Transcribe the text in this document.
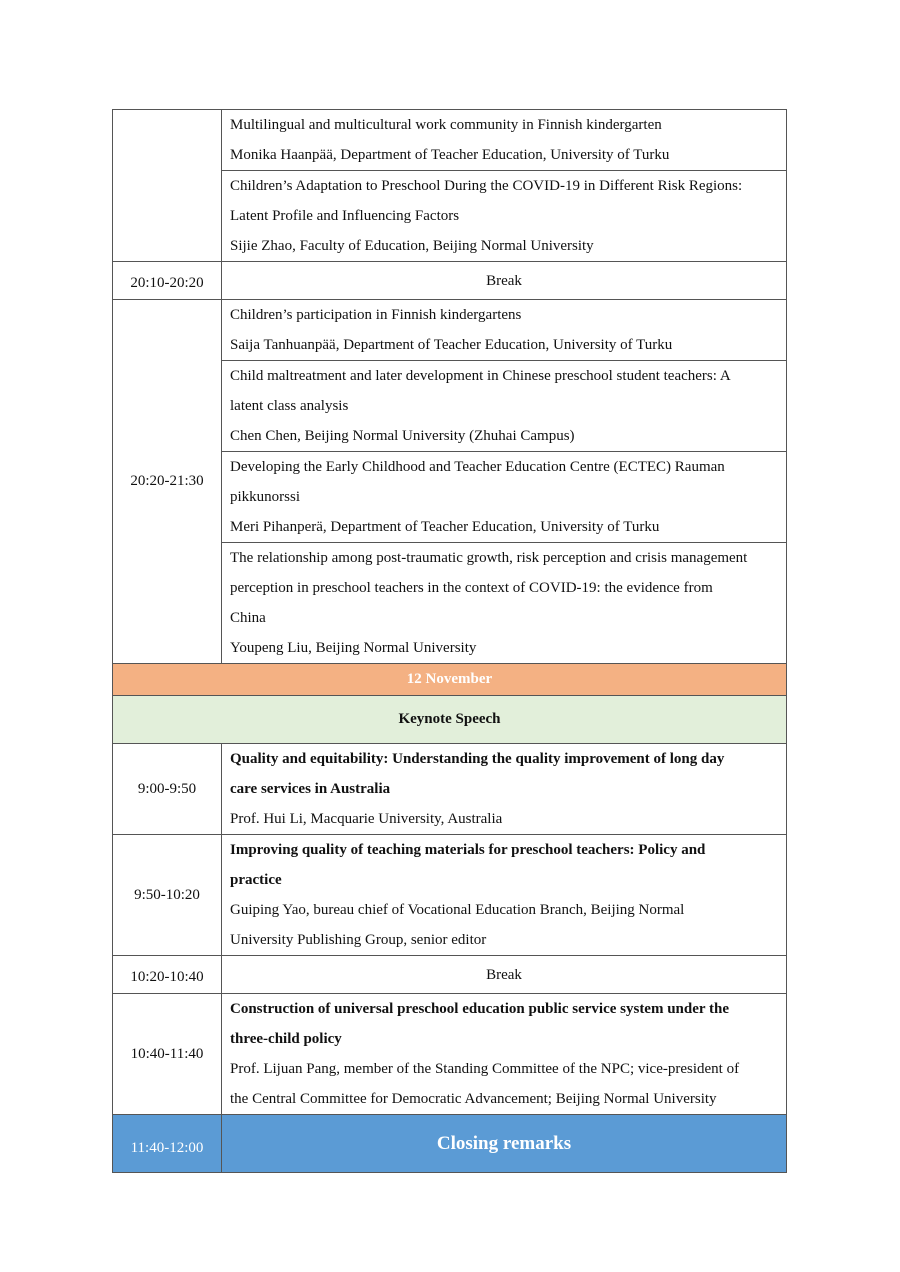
	Multilingual and multicultural work community in Finnish kindergarten
Monika Haanpää, Department of Teacher Education, University of Turku

	Children’s Adaptation to Preschool During the COVID-19 in Different Risk Regions:
Latent Profile and Influencing Factors
Sijie Zhao, Faculty of Education, Beijing Normal University

20:10-20:20	Break

20:20-21:30	Children’s participation in Finnish kindergartens
Saija Tanhuanpää, Department of Teacher Education, University of Turku

	Child maltreatment and later development in Chinese preschool student teachers: A
latent class analysis
Chen Chen, Beijing Normal University (Zhuhai Campus)

	Developing the Early Childhood and Teacher Education Centre (ECTEC) Rauman
pikkunorssi
Meri Pihanperä, Department of Teacher Education, University of Turku

	The relationship among post-traumatic growth, risk perception and crisis management
perception in preschool teachers in the context of COVID-19: the evidence from
China
Youpeng Liu, Beijing Normal University

12 November	
Keynote Speech	
9:00-9:50	Quality and equitability: Understanding the quality improvement of long day
care services in Australia
Prof. Hui Li, Macquarie University, Australia

9:50-10:20	Improving quality of teaching materials for preschool teachers: Policy and
practice
Guiping Yao, bureau chief of Vocational Education Branch, Beijing Normal
University Publishing Group, senior editor

10:20-10:40	Break

10:40-11:40	Construction of universal preschool education public service system under the
three-child policy
Prof. Lijuan Pang, member of the Standing Committee of the NPC; vice-president of
the Central Committee for Democratic Advancement; Beijing Normal University

11:40-12:00	Closing remarks
